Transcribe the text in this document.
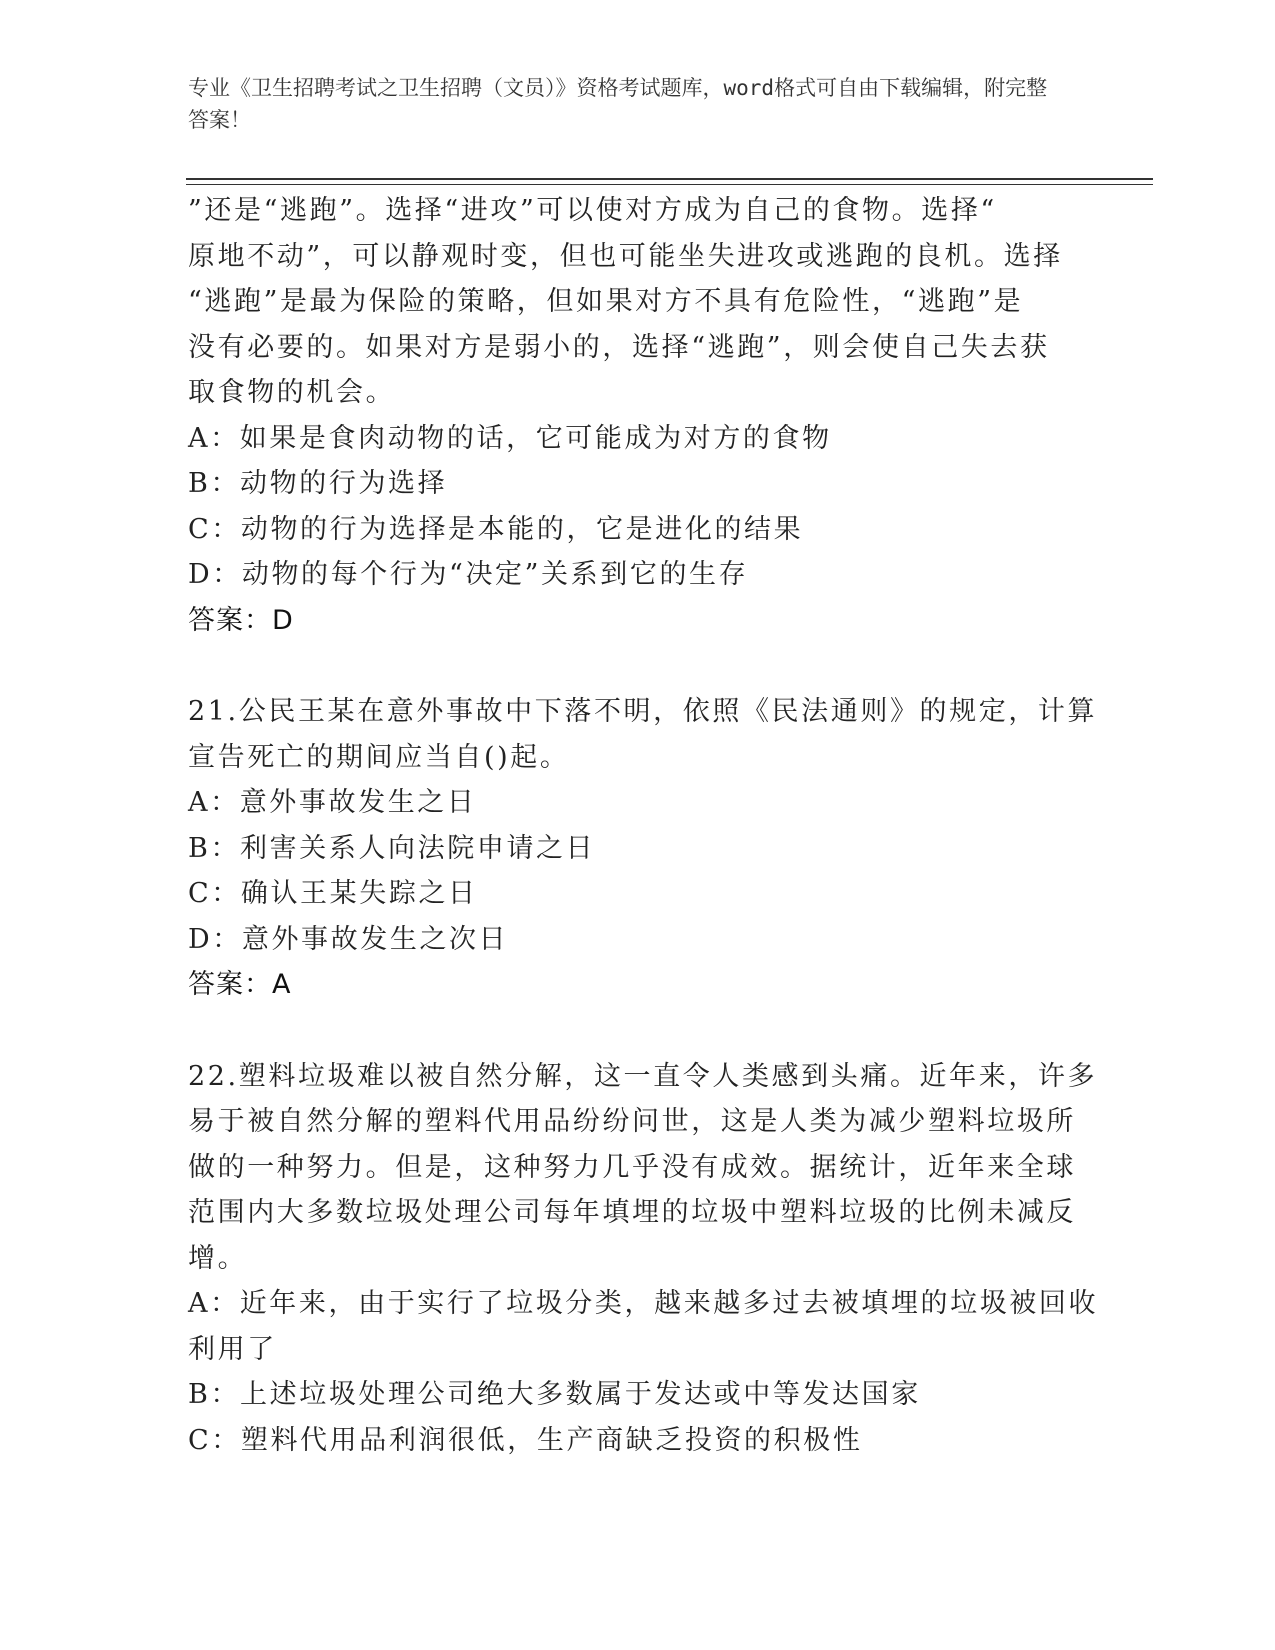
专业《卫生招聘考试之卫生招聘（文员）》资格考试题库，word格式可自由下载编辑，附完整答案！
”还是“逃跑”。选择“进攻”可以使对方成为自己的食物。选择“
原地不动”，可以静观时变，但也可能坐失进攻或逃跑的良机。选择
“逃跑”是最为保险的策略，但如果对方不具有危险性，“逃跑”是
没有必要的。如果对方是弱小的，选择“逃跑”，则会使自己失去获
取食物的机会。
A：如果是食肉动物的话，它可能成为对方的食物
B：动物的行为选择
C：动物的行为选择是本能的，它是进化的结果
D：动物的每个行为“决定”关系到它的生存
答案：D
21.公民王某在意外事故中下落不明，依照《民法通则》的规定，计算
宣告死亡的期间应当自()起。
A：意外事故发生之日
B：利害关系人向法院申请之日
C：确认王某失踪之日
D：意外事故发生之次日
答案：A
22.塑料垃圾难以被自然分解，这一直令人类感到头痛。近年来，许多
易于被自然分解的塑料代用品纷纷问世，这是人类为减少塑料垃圾所
做的一种努力。但是，这种努力几乎没有成效。据统计，近年来全球
范围内大多数垃圾处理公司每年填埋的垃圾中塑料垃圾的比例未减反
增。
A：近年来，由于实行了垃圾分类，越来越多过去被填埋的垃圾被回收
利用了
B：上述垃圾处理公司绝大多数属于发达或中等发达国家
C：塑料代用品利润很低，生产商缺乏投资的积极性
